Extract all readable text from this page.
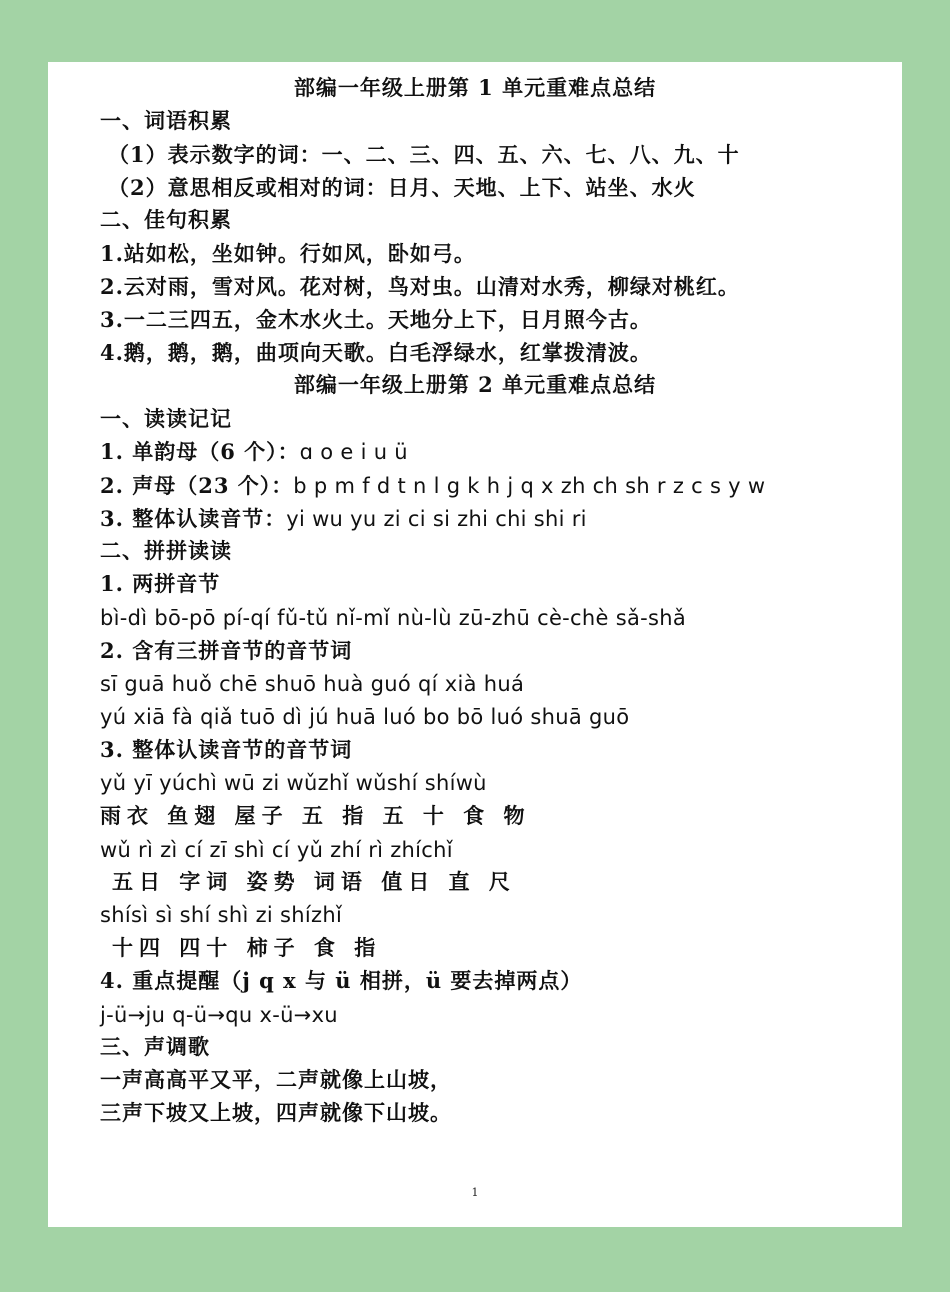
部编一年级上册第 1 单元重难点总结
一、词语积累
（1）表示数字的词：一、二、三、四、五、六、七、八、九、十
（2）意思相反或相对的词：日月、天地、上下、站坐、水火
二、佳句积累
1.站如松，坐如钟。行如风，卧如弓。
2.云对雨，雪对风。花对树，鸟对虫。山清对水秀，柳绿对桃红。
3.一二三四五，金木水火土。天地分上下，日月照今古。
4.鹅，鹅，鹅，曲项向天歌。白毛浮绿水，红掌拨清波。
部编一年级上册第 2 单元重难点总结
一、读读记记
1. 单韵母（6 个）：ɑ o e i u ü
2. 声母（23 个）：b p m f d t n l g k h j q x zh ch sh r z c s y w
3. 整体认读音节：yi wu yu zi ci si zhi chi shi ri
二、拼拼读读
1. 两拼音节
bì-dì bō-pō pí-qí fǔ-tǔ nǐ-mǐ nù-lù zū-zhū cè-chè sǎ-shǎ
2. 含有三拼音节的音节词
sī guā huǒ chē shuō huà guó qí xià huá
yú xiā fà qiǎ tuō dì jú huā luó bo bō luó shuā guō
3. 整体认读音节的音节词
yǔ yī yúchì wū zi wǔzhǐ wǔshí shíwù
雨衣 鱼翅 屋子 五 指 五 十 食 物
wǔ rì zì cí zī shì cí yǔ zhí rì zhíchǐ
五日 字词 姿势 词语 值日 直 尺
shísì sì shí shì zi shízhǐ
十四 四十 柿子 食 指
4. 重点提醒（j q x 与 ü 相拼，ü 要去掉两点）
j-ü→ju q-ü→qu x-ü→xu
三、声调歌
一声高高平又平，二声就像上山坡，
三声下坡又上坡，四声就像下山坡。
1
